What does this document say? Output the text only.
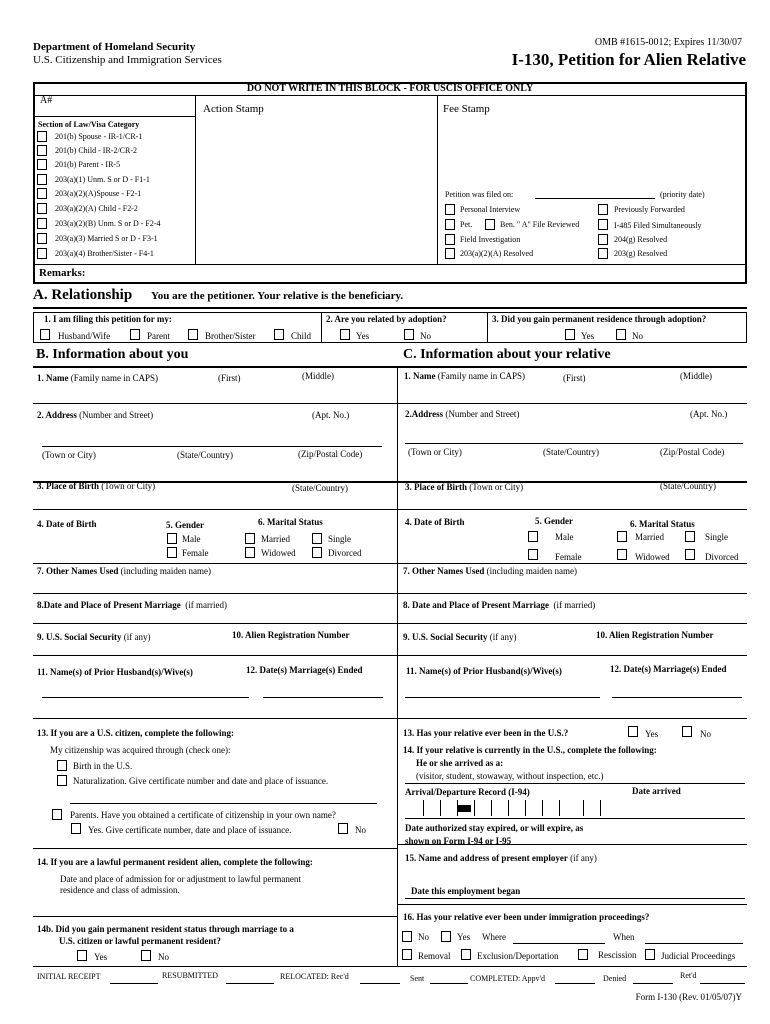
Department of Homeland Security
U.S. Citizenship and Immigration Services
OMB #1615-0012; Expires 11/30/07
I-130, Petition for Alien Relative
DO NOT WRITE IN THIS BLOCK - FOR USCIS OFFICE ONLY
A#
Action Stamp	Fee Stamp
Section of Law/Visa Category
201(b) Spouse - IR-1/CR-1
201(b) Child - IR-2/CR-2
201(b) Parent - IR-5
203(a)(1) Unm. S or D - F1-1
203(a)(2)(A)Spouse - F2-1
203(a)(2)(A) Child - F2-2
203(a)(2)(B) Unm. S or D - F2-4
203(a)(3) Married S or D - F3-1
203(a)(4) Brother/Sister - F4-1
Petition was filed on:	(priority date)
Personal Interview	Previously Forwarded
Pet.	Ben. " A" File Reviewed	I-485 Filed Simultaneously
Field Investigation	204(g) Resolved
203(a)(2)(A) Resolved	203(g) Resolved
Remarks:
A. Relationship You are the petitioner. Your relative is the beneficiary.
1. I am filing this petition for my:
Husband/Wife	Parent	Brother/Sister	Child
2. Are you related by adoption?
Yes	No
3. Did you gain permanent residence through adoption?
Yes	No
B. Information about you	C. Information about your relative
1. Name (Family name in CAPS)	(First)	(Middle)
2. Address (Number and Street)	(Apt. No.)
(Town or City)	(State/Country)	(Zip/Postal Code)
3. Place of Birth (Town or City)	(State/Country)
4. Date of Birth	5. Gender
Male
Female
6. Marital Status
Married	Single
Widowed	Divorced
7. Other Names Used (including maiden name)
8.Date and Place of Present Marriage (if married)
9. U.S. Social Security (if any)	10. Alien Registration Number
11. Name(s) of Prior Husband(s)/Wive(s)	12. Date(s) Marriage(s) Ended
13. If you are a U.S. citizen, complete the following:
My citizenship was acquired through (check one):
Birth in the U.S.
Naturalization. Give certificate number and date and place of issuance.
Parents. Have you obtained a certificate of citizenship in your own name?
Yes. Give certificate number, date and place of issuance.	No
14. If you are a lawful permanent resident alien, complete the following:
Date and place of admission for or adjustment to lawful permanent
residence and class of admission.
14b. Did you gain permanent resident status through marriage to a
U.S. citizen or lawful permanent resident?
Yes	No
1. Name (Family name in CAPS)	(First)	(Middle)
2.Address (Number and Street)	(Apt. No.)
(Town or City)	(State/Country)	(Zip/Postal Code)
3. Place of Birth (Town or City)	(State/Country)
4. Date of Birth	5. Gender
Male
Female
6. Marital Status
Married	Single
Widowed	Divorced
7. Other Names Used (including maiden name)
8. Date and Place of Present Marriage (if married)
9. U.S. Social Security (if any)	10. Alien Registration Number
11. Name(s) of Prior Husband(s)/Wive(s)	12. Date(s) Marriage(s) Ended
13. Has your relative ever been in the U.S.?	Yes	No
14. If your relative is currently in the U.S., complete the following:
He or she arrived as a:
(visitor, student, stowaway, without inspection, etc.)
Arrival/Departure Record (I-94)	Date arrived
Date authorized stay expired, or will expire, as
shown on Form I-94 or I-95
15. Name and address of present employer (if any)
Date this employment began
16. Has your relative ever been under immigration proceedings?
No	Yes Where	When
Removal	Exclusion/Deportation	Rescission	Judicial Proceedings
INITIAL RECEIPT	RESUBMITTED	RELOCATED: Rec'd	Sent	COMPLETED: Appv'd	Denied	Ret'd
Form I-130 (Rev. 01/05/07)Y
